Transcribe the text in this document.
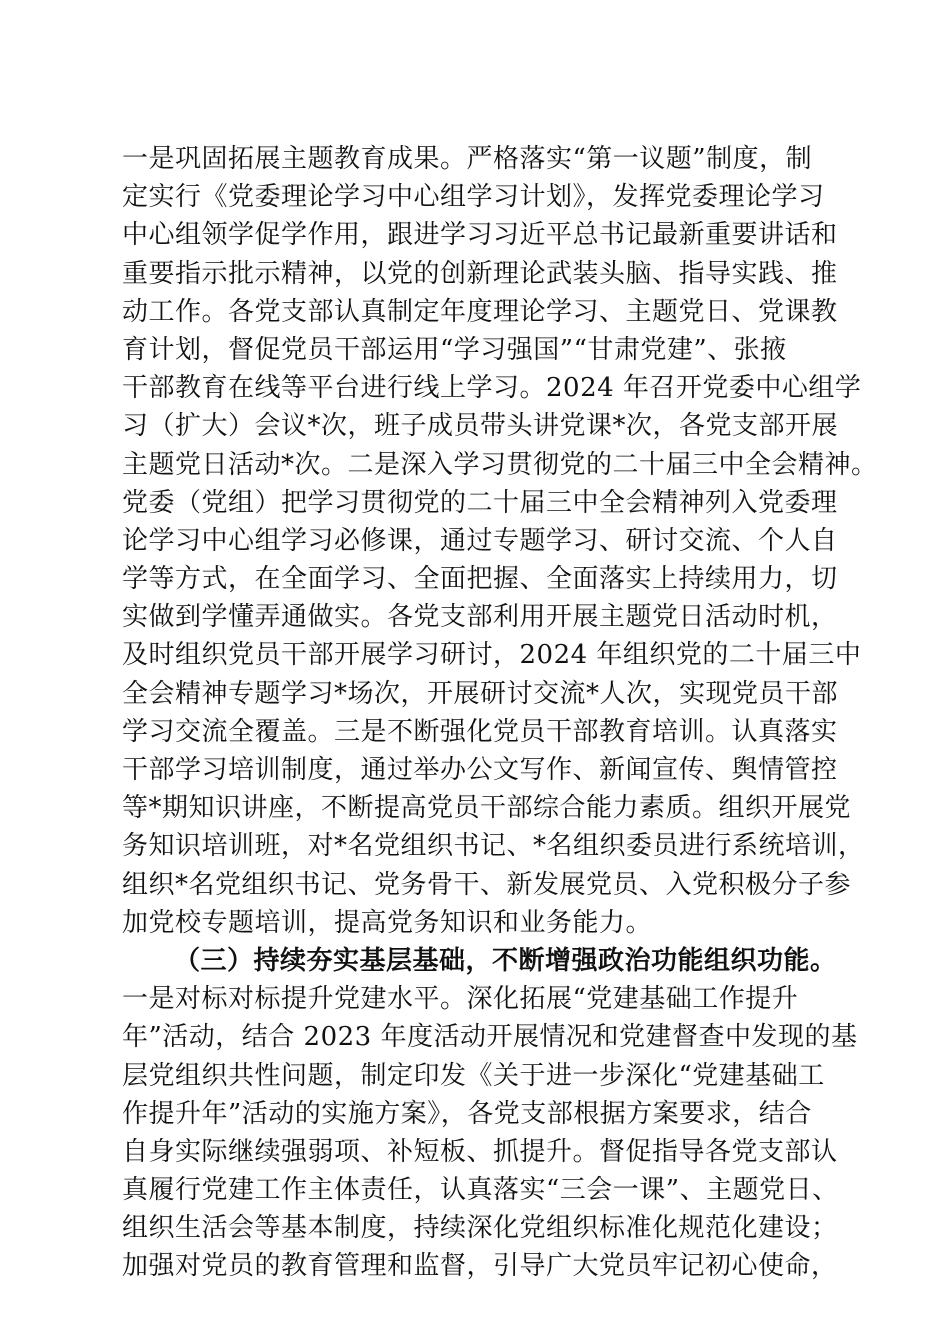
一是巩固拓展主题教育成果。严格落实“第一议题”制度，制
定实行《党委理论学习中心组学习计划》，发挥党委理论学习
中心组领学促学作用，跟进学习习近平总书记最新重要讲话和
重要指示批示精神，以党的创新理论武装头脑、指导实践、推
动工作。各党支部认真制定年度理论学习、主题党日、党课教
育计划，督促党员干部运用“学习强国”“甘肃党建”、张掖
干部教育在线等平台进行线上学习。2024 年召开党委中心组学
习（扩大）会议*次，班子成员带头讲党课*次，各党支部开展
主题党日活动*次。二是深入学习贯彻党的二十届三中全会精神。
党委（党组）把学习贯彻党的二十届三中全会精神列入党委理
论学习中心组学习必修课，通过专题学习、研讨交流、个人自
学等方式，在全面学习、全面把握、全面落实上持续用力，切
实做到学懂弄通做实。各党支部利用开展主题党日活动时机，
及时组织党员干部开展学习研讨，2024 年组织党的二十届三中
全会精神专题学习*场次，开展研讨交流*人次，实现党员干部
学习交流全覆盖。三是不断强化党员干部教育培训。认真落实
干部学习培训制度，通过举办公文写作、新闻宣传、舆情管控
等*期知识讲座，不断提高党员干部综合能力素质。组织开展党
务知识培训班，对*名党组织书记、*名组织委员进行系统培训，
组织*名党组织书记、党务骨干、新发展党员、入党积极分子参
加党校专题培训，提高党务知识和业务能力。
（三）持续夯实基层基础，不断增强政治功能组织功能。
一是对标对标提升党建水平。深化拓展“党建基础工作提升
年”活动，结合 2023 年度活动开展情况和党建督查中发现的基
层党组织共性问题，制定印发《关于进一步深化“党建基础工
作提升年”活动的实施方案》，各党支部根据方案要求，结合
自身实际继续强弱项、补短板、抓提升。督促指导各党支部认
真履行党建工作主体责任，认真落实“三会一课”、主题党日、
组织生活会等基本制度，持续深化党组织标准化规范化建设；
加强对党员的教育管理和监督，引导广大党员牢记初心使命，
